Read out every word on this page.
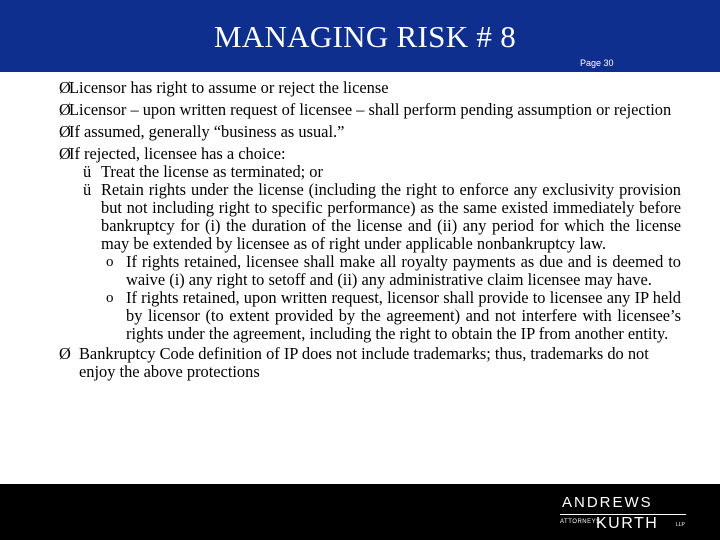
MANAGING RISK # 8
Page 30
Ø
Licensor has right to assume or reject the license
Ø
Licensor – upon written request of licensee – shall perform pending assumption or rejection
Ø
If assumed, generally “business as usual.”
Ø
If rejected, licensee has a choice:
ü Treat the license as terminated; or
ü Retain rights under the license (including the right to enforce any exclusivity provision but not including right to specific performance) as the same existed immediately before bankruptcy for (i) the duration of the license and (ii) any period for which the license may be extended by licensee as of right under applicable nonbankruptcy law.
o If rights retained, licensee shall make all royalty payments as due and is deemed to waive (i) any right to setoff and (ii) any administrative claim licensee may have.
o If rights retained, upon written request, licensor shall provide to licensee any IP held by licensor (to extent provided by the agreement) and not interfere with licensee’s rights under the agreement, including the right to obtain the IP from another entity.
Ø Bankruptcy Code definition of IP does not include trademarks; thus, trademarks do not enjoy the above protections
ANDREWS
ATTORNEYS
KURTH	LLP
